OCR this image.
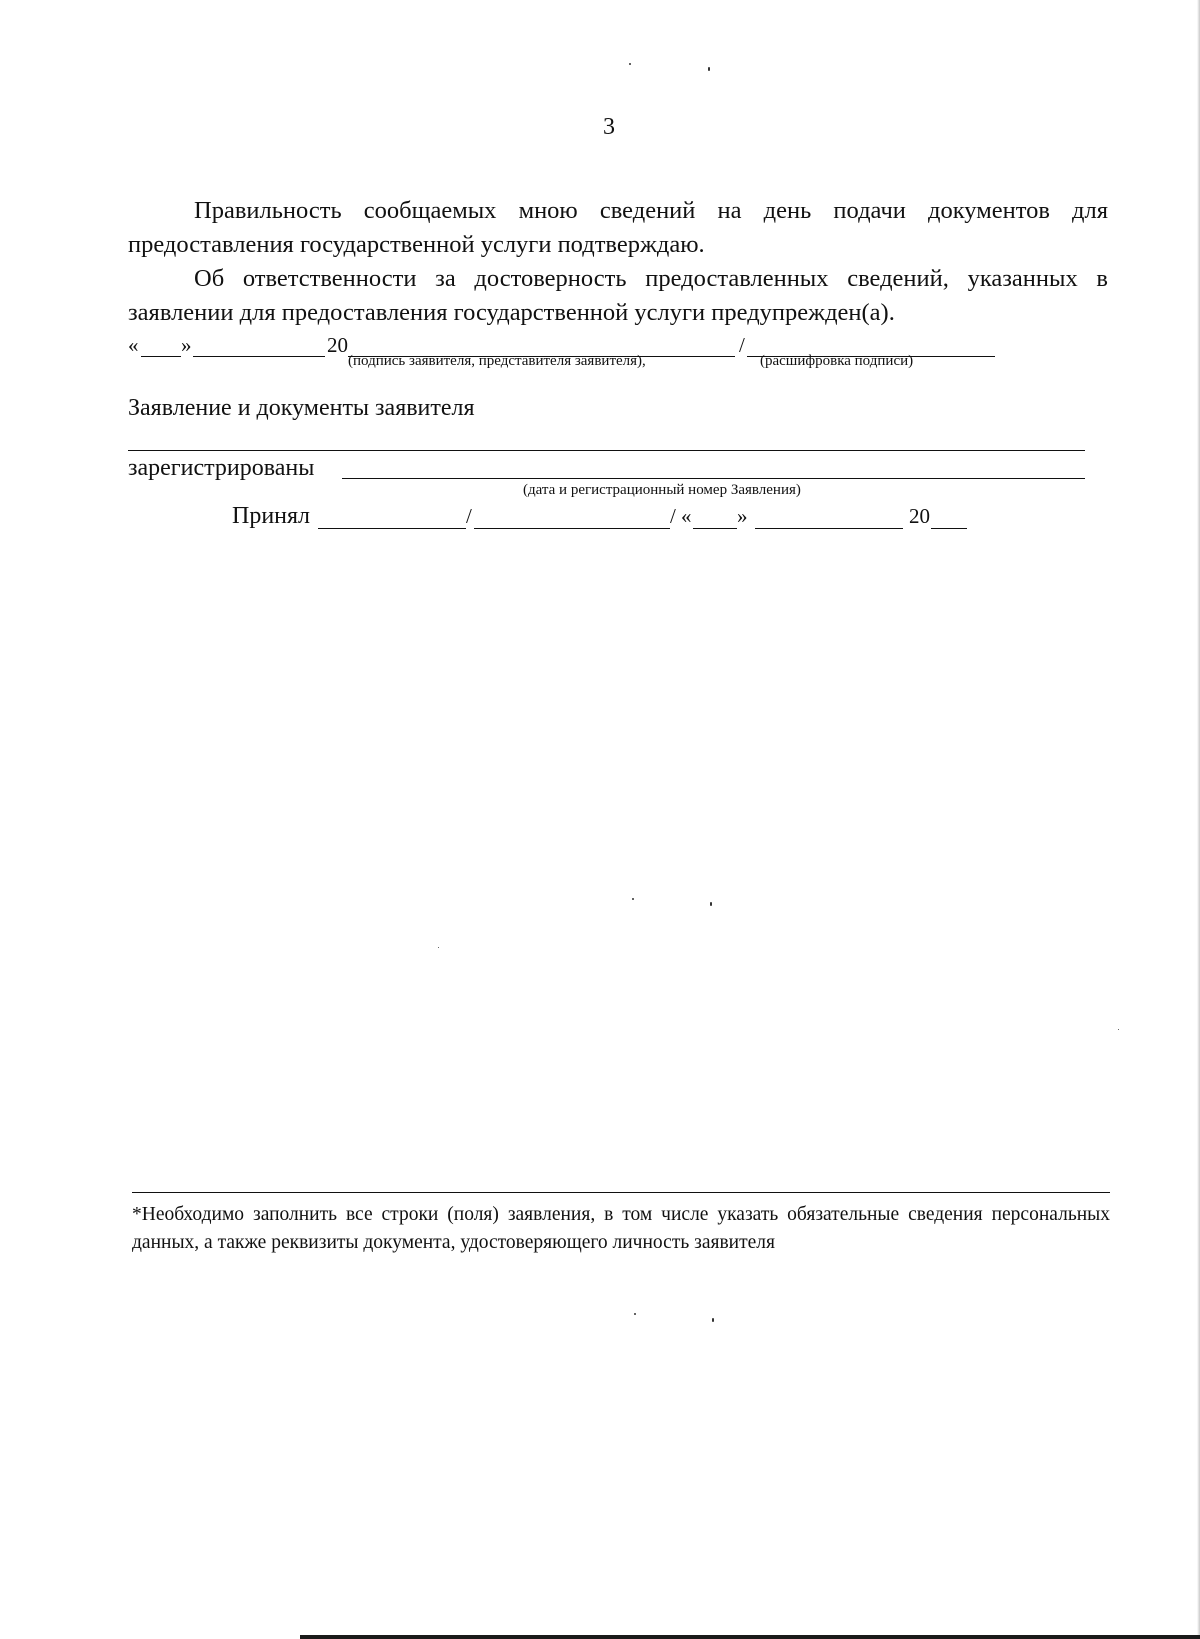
3

Правильность сообщаемых мною сведений на день подачи документов для предоставления государственной услуги подтверждаю.

Об ответственности за достоверность предоставленных сведений, указанных в заявлении для предоставления государственной услуги предупрежден(а).

« »	20	/
(подпись заявителя, представителя заявителя),	(расшифровка подписи)
Заявление и документы заявителя
зарегистрированы
(дата и регистрационный номер Заявления)
Принял	/	/ « »	20

*Необходимо заполнить все строки (поля) заявления, в том числе указать обязательные сведения персональных данных, а также реквизиты документа, удостоверяющего личность заявителя
